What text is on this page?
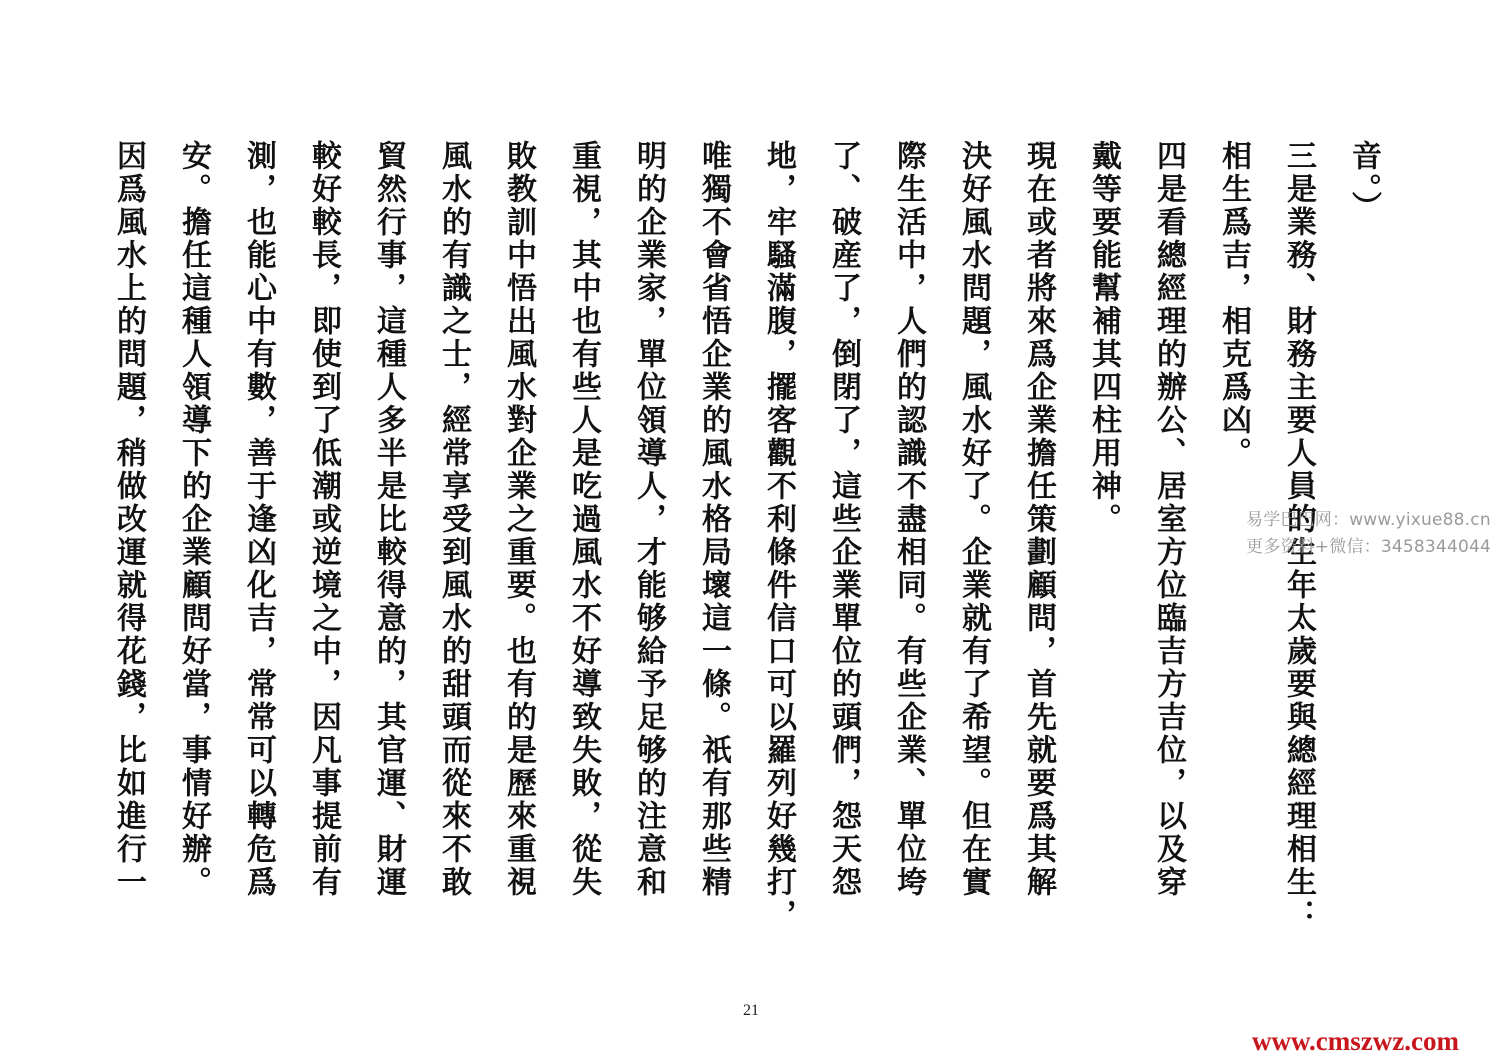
音。）
三是業務、財務主要人員的生年太歲要與總經理相生：
相生爲吉，相克爲凶。
四是看總經理的辦公、居室方位臨吉方吉位，以及穿
戴等要能幫補其四柱用神。
現在或者將來爲企業擔任策劃顧問，首先就要爲其解
決好風水問題，風水好了。企業就有了希望。但在實
際生活中，人們的認識不盡相同。有些企業、單位垮
了、破産了，倒閉了，這些企業單位的頭們，怨天怨
地，牢騷滿腹，擺客觀不利條件信口可以羅列好幾打，
唯獨不會省悟企業的風水格局壞這一條。祇有那些精
明的企業家，單位領導人，才能够給予足够的注意和
重視，其中也有些人是吃過風水不好導致失敗，從失
敗教訓中悟出風水對企業之重要。也有的是歷來重視
風水的有識之士，經常享受到風水的甜頭而從來不敢
貿然行事，這種人多半是比較得意的，其官運、財運
較好較長，即使到了低潮或逆境之中，因凡事提前有
測，也能心中有數，善于逢凶化吉，常常可以轉危爲
安。擔任這種人領導下的企業顧問好當，事情好辦。
因爲風水上的問題，稍做改運就得花錢，比如進行一	易学巴巴网：www.yixue88.cn
更多资料+微信：3458344044
21
www.cmszwz.com
